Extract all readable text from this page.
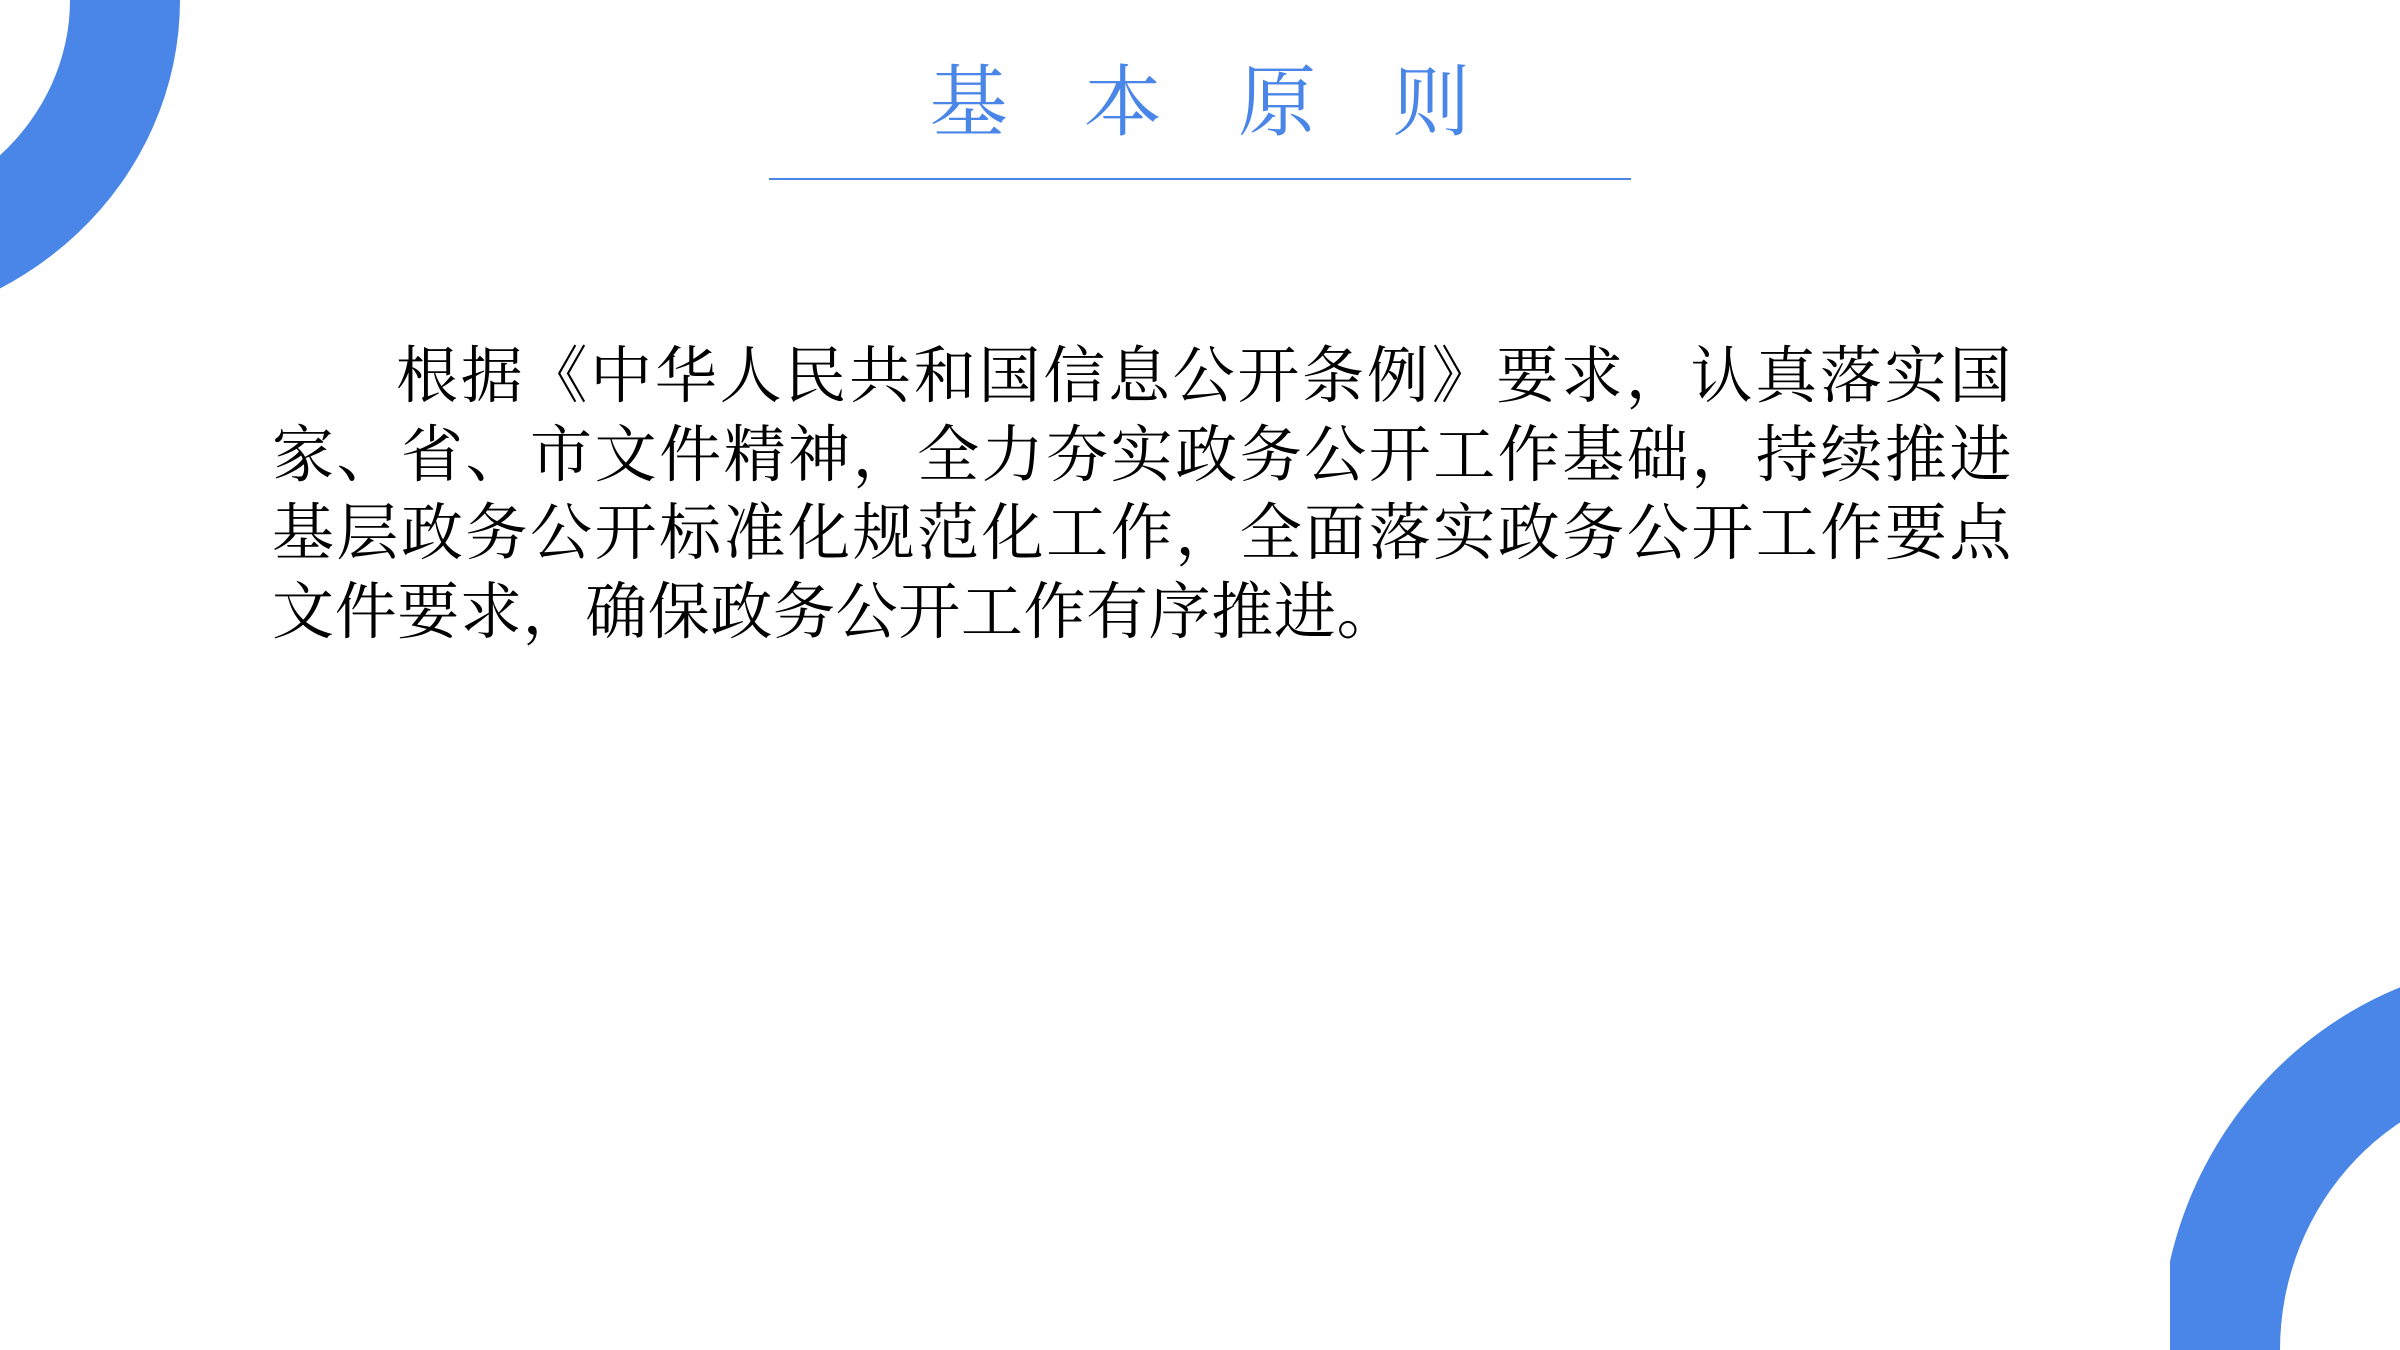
基 本 原 则

根据《中华人民共和国信息公开条例》要求，认真落实国家、省、市文件精神，全力夯实政务公开工作基础，持续推进基层政务公开标准化规范化工作，全面落实政务公开工作要点文件要求，确保政务公开工作有序推进。
